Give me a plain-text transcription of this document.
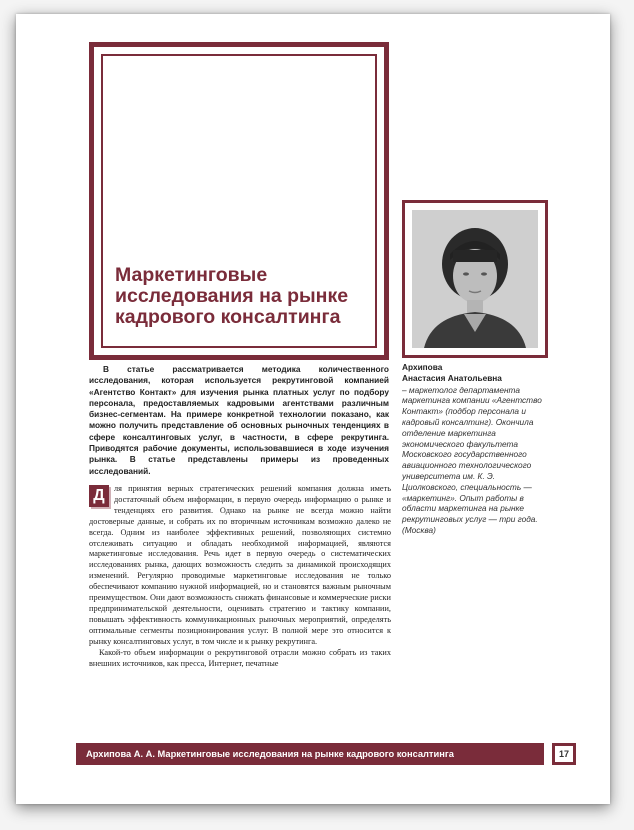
Маркетинговые
исследования на рынке
кадрового консалтинга
В статье рассматривается методика количественного исследования, которая используется рекрутинговой компанией «Агентство Контакт» для изучения рынка платных услуг по подбору персонала, предоставляемых кадровыми агентствами различным бизнес-сегментам. На примере конкретной технологии показано, как можно получить представление об основных рыночных тенденциях в сфере консалтинговых услуг, в частности, в сфере рекрутинга. Приводятся рабочие документы, использовавшиеся в ходе изучения рынка. В статье представлены примеры из проведенных исследований.
Архипова
Анастасия Анатольевна
– маркетолог департамента маркетинга компании «Агентство Контакт» (подбор персонала и кадровый консалтинг). Окончила отделение маркетинга экономического факультета Московского государственного авиационного технологического университета им. К. Э. Циолковского, специальность — «маркетинг». Опыт работы в области маркетинга на рынке рекрутинговых услуг — три года. (Москва)
Д	ля принятия верных стратегических решений компания должна иметь достаточный объем информации, в первую очередь информацию о рынке и тенденциях его развития. Однако на рынке не всегда можно найти достоверные данные, и собрать их по вторичным источникам возможно далеко не всегда. Одним из наиболее эффективных решений, позволяющих системно отслеживать ситуацию и обладать необходимой информацией, являются маркетинговые исследования. Речь идет в первую очередь о систематических исследованиях рынка, дающих возможность следить за динамикой происходящих изменений. Регулярно проводимые маркетинговые исследования не только обеспечивают компанию нужной информацией, но и становятся важным рыночным преимуществом. Они дают возможность снижать финансовые и коммерческие риски предпринимательской деятельности, оценивать стратегию и тактику компании, повышать эффективность коммуникационных рыночных мероприятий, определять оптимальные сегменты позиционирования услуг. В полной мере это относится к рынку консалтинговых услуг, в том числе и к рынку рекрутинга.

Какой-то объем информации о рекрутинговой отрасли можно собрать из таких внешних источников, как пресса, Интернет, печатные

Архипова А. А. Маркетинговые исследования на рынке кадрового консалтинга	17
